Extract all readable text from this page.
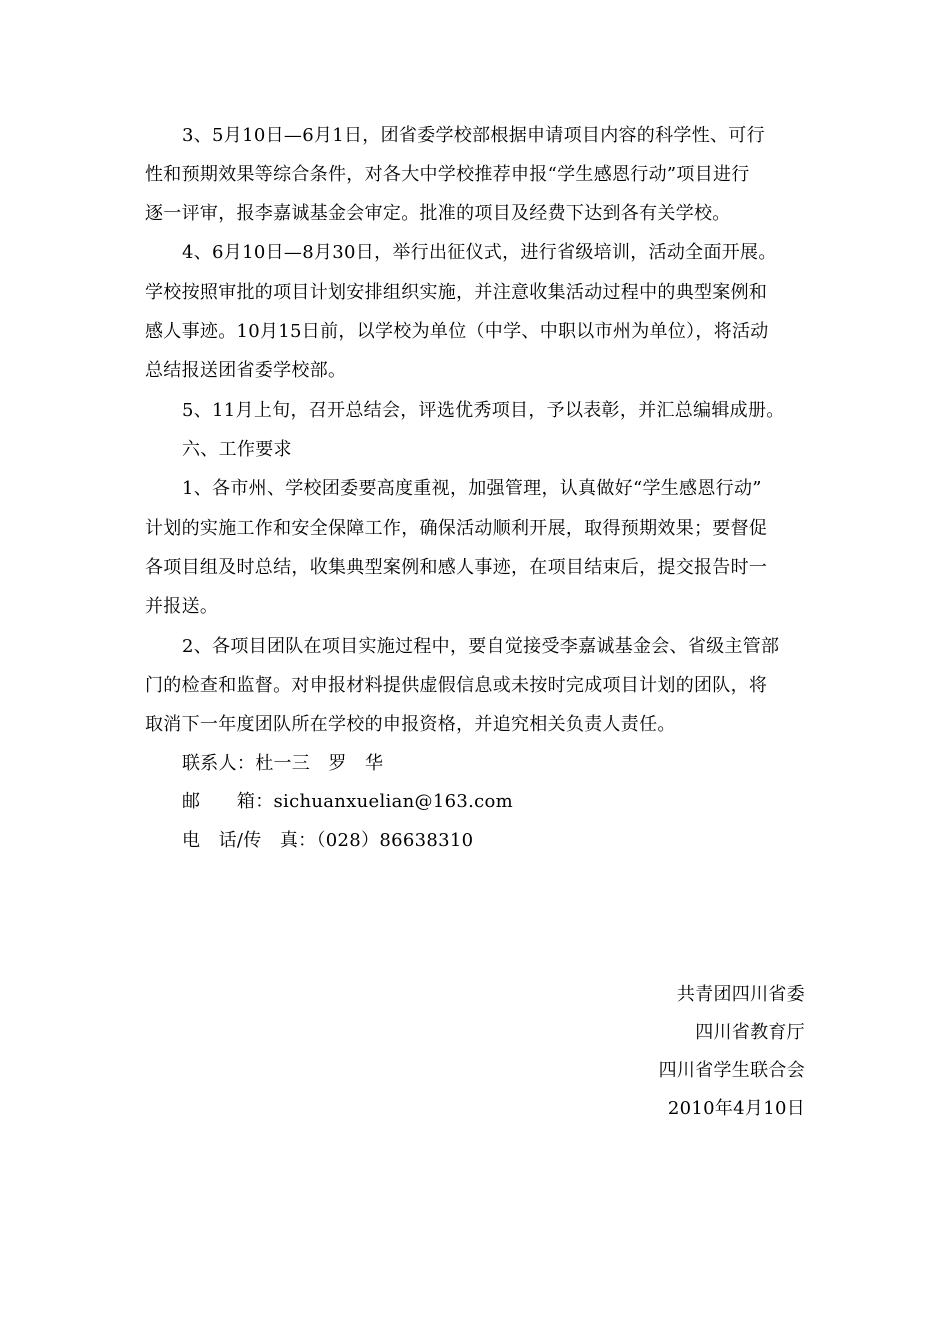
3、5月10日—6月1日，团省委学校部根据申请项目内容的科学性、可行
性和预期效果等综合条件，对各大中学校推荐申报“学生感恩行动”项目进行
逐一评审，报李嘉诚基金会审定。批准的项目及经费下达到各有关学校。
4、6月10日—8月30日，举行出征仪式，进行省级培训，活动全面开展。
学校按照审批的项目计划安排组织实施，并注意收集活动过程中的典型案例和
感人事迹。10月15日前，以学校为单位（中学、中职以市州为单位），将活动
总结报送团省委学校部。
5、11月上旬，召开总结会，评选优秀项目，予以表彰，并汇总编辑成册。
六、工作要求
1、各市州、学校团委要高度重视，加强管理，认真做好“学生感恩行动”
计划的实施工作和安全保障工作，确保活动顺利开展，取得预期效果；要督促
各项目组及时总结，收集典型案例和感人事迹，在项目结束后，提交报告时一
并报送。
2、各项目团队在项目实施过程中，要自觉接受李嘉诚基金会、省级主管部
门的检查和监督。对申报材料提供虚假信息或未按时完成项目计划的团队，将
取消下一年度团队所在学校的申报资格，并追究相关负责人责任。
联系人：杜一三　罗　华
邮　　箱：sichuanxuelian@163.com
电　话/传　真：（028）86638310
共青团四川省委
四川省教育厅
四川省学生联合会
2010年4月10日
